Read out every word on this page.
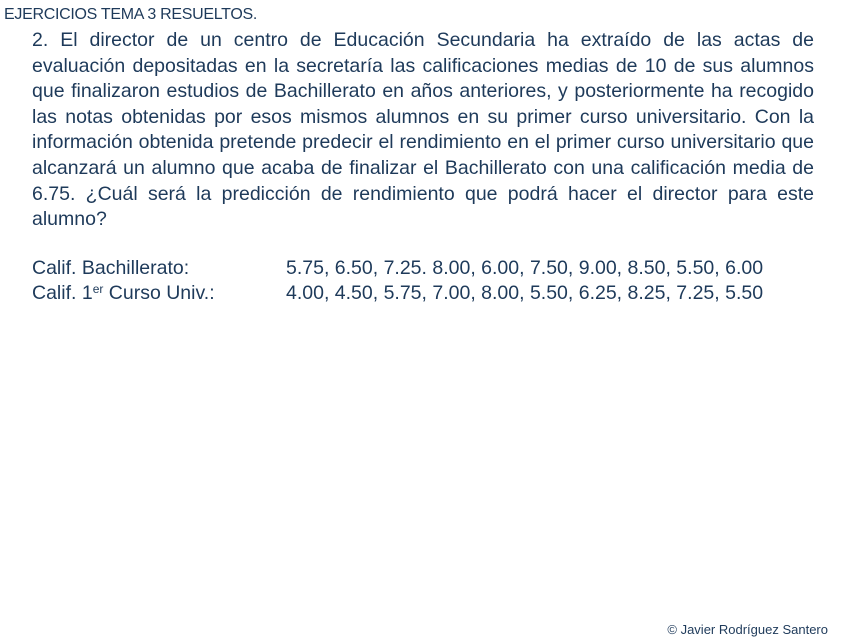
EJERCICIOS TEMA 3 RESUELTOS.
2. El director de un centro de Educación Secundaria ha extraído de las actas de evaluación depositadas en la secretaría las calificaciones medias de 10 de sus alumnos que finalizaron estudios de Bachillerato en años anteriores, y posteriormente ha recogido las notas obtenidas por esos mismos alumnos en su primer curso universitario. Con la información obtenida pretende predecir el rendimiento en el primer curso universitario que alcanzará un alumno que acaba de finalizar el Bachillerato con una calificación media de 6.75. ¿Cuál será la predicción de rendimiento que podrá hacer el director para este alumno?
Calif. Bachillerato:	5.75, 6.50, 7.25. 8.00, 6.00, 7.50, 9.00, 8.50, 5.50, 6.00
Calif. 1er Curso Univ.:	4.00, 4.50, 5.75, 7.00, 8.00, 5.50, 6.25, 8.25, 7.25, 5.50
© Javier Rodríguez Santero
